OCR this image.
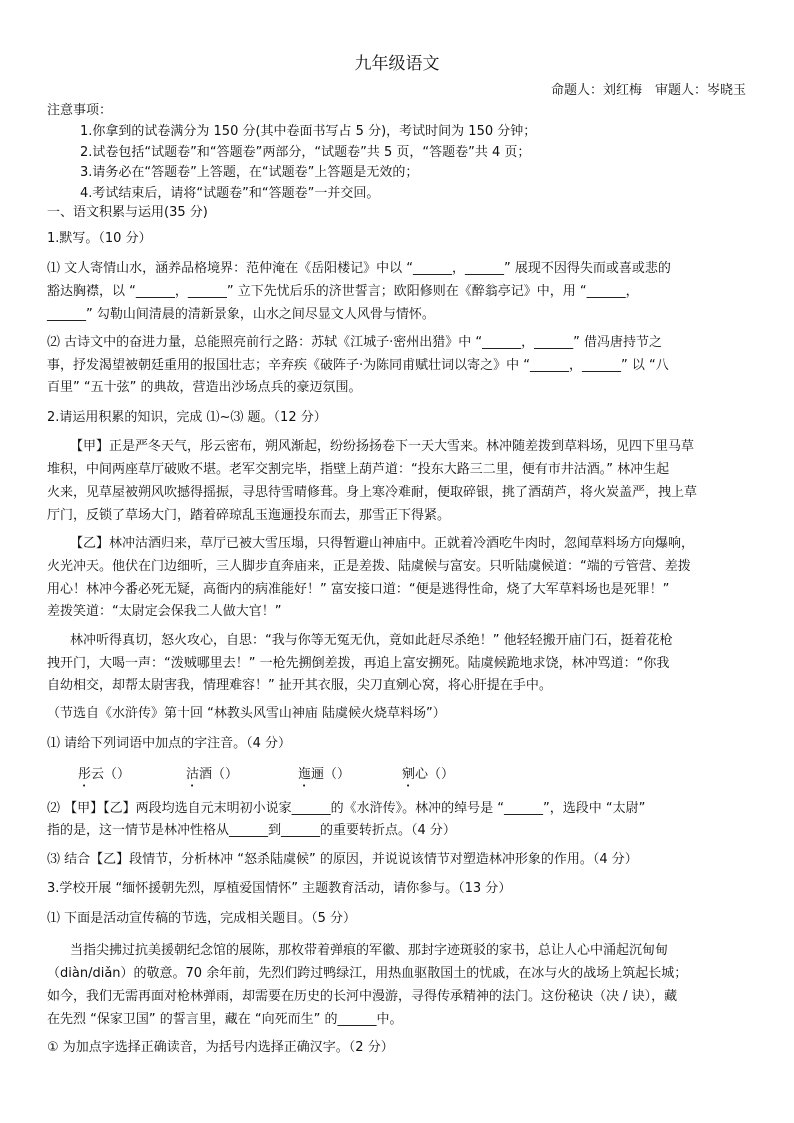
九年级语文
命题人：刘红梅　审题人：岑晓玉
注意事项：
1.你拿到的试卷满分为 150 分(其中卷面书写占 5 分)，考试时间为 150 分钟；
2.试卷包括“试题卷”和“答题卷”两部分，“试题卷”共 5 页，“答题卷”共 4 页；
3.请务必在“答题卷”上答题，在“试题卷”上答题是无效的；
4.考试结束后，请将“试题卷”和“答题卷”一并交回。
一、语文积累与运用(35 分)
1.默写。（10 分）
⑴ 文人寄情山水，涵养品格境界：范仲淹在《岳阳楼记》中以 “______，______” 展现不因得失而或喜或悲的
豁达胸襟，以 “______，______” 立下先忧后乐的济世誓言；欧阳修则在《醉翁亭记》中，用 “______，
______” 勾勒山间清晨的清新景象，山水之间尽显文人风骨与情怀。
⑵ 古诗文中的奋进力量，总能照亮前行之路：苏轼《江城子·密州出猎》中 “______，______” 借冯唐持节之
事，抒发渴望被朝廷重用的报国壮志；辛弃疾《破阵子·为陈同甫赋壮词以寄之》中 “______，______” 以 “八
百里” “五十弦” 的典故，营造出沙场点兵的豪迈氛围。
2.请运用积累的知识，完成 ⑴~⑶ 题。（12 分）
【甲】正是严冬天气，彤云密布，朔风渐起，纷纷扬扬卷下一天大雪来。林冲随差拨到草料场，见四下里马草
堆积，中间两座草厅破败不堪。老军交割完毕，指壁上葫芦道：“投东大路三二里，便有市井沽酒。” 林冲生起
火来，见草屋被朔风吹撼得摇振，寻思待雪晴修葺。身上寒冷难耐，便取碎银，挑了酒葫芦，将火炭盖严，拽上草
厅门，反锁了草场大门，踏着碎琼乱玉迤逦投东而去，那雪正下得紧。
【乙】林冲沽酒归来，草厅已被大雪压塌，只得暂避山神庙中。正就着冷酒吃牛肉时，忽闻草料场方向爆响，
火光冲天。他伏在门边细听，三人脚步直奔庙来，正是差拨、陆虞候与富安。只听陆虞候道：“端的亏管营、差拨
用心！林冲今番必死无疑，高衙内的病准能好！” 富安接口道：“便是逃得性命，烧了大军草料场也是死罪！”
差拨笑道：“太尉定会保我二人做大官！”
林冲听得真切，怒火攻心，自思：“我与你等无冤无仇，竟如此赶尽杀绝！” 他轻轻搬开庙门石，挺着花枪
拽开门，大喝一声：“泼贼哪里去！” 一枪先搠倒差拨，再追上富安搠死。陆虞候跪地求饶，林冲骂道：“你我
自幼相交，却帮太尉害我，情理难容！” 扯开其衣服，尖刀直剜心窝，将心肝提在手中。
（节选自《水浒传》第十回 “林教头风雪山神庙 陆虞候火烧草料场”）
⑴ 请给下列词语中加点的字注音。（4 分）
彤云（）	沽酒（）	迤逦（）	剜心（）
⑵ 【甲】【乙】两段均选自元末明初小说家______的《水浒传》。林冲的绰号是 “______”，选段中 “太尉”
指的是，这一情节是林冲性格从______到______的重要转折点。（4 分）
⑶ 结合【乙】段情节，分析林冲 “怒杀陆虞候” 的原因，并说说该情节对塑造林冲形象的作用。（4 分）
3.学校开展 “缅怀援朝先烈，厚植爱国情怀” 主题教育活动，请你参与。（13 分）
⑴ 下面是活动宣传稿的节选，完成相关题目。（5 分）
当指尖拂过抗美援朝纪念馆的展陈，那枚带着弹痕的军徽、那封字迹斑驳的家书，总让人心中涌起沉甸甸
（diàn/diǎn）的敬意。70 余年前，先烈们跨过鸭绿江，用热血驱散国土的忧戚，在冰与火的战场上筑起长城；
如今，我们无需再面对枪林弹雨，却需要在历史的长河中漫游，寻得传承精神的法门。这份秘诀（决 / 诀），藏
在先烈 “保家卫国” 的誓言里，藏在 “向死而生” 的______中。
① 为加点字选择正确读音，为括号内选择正确汉字。（2 分）
